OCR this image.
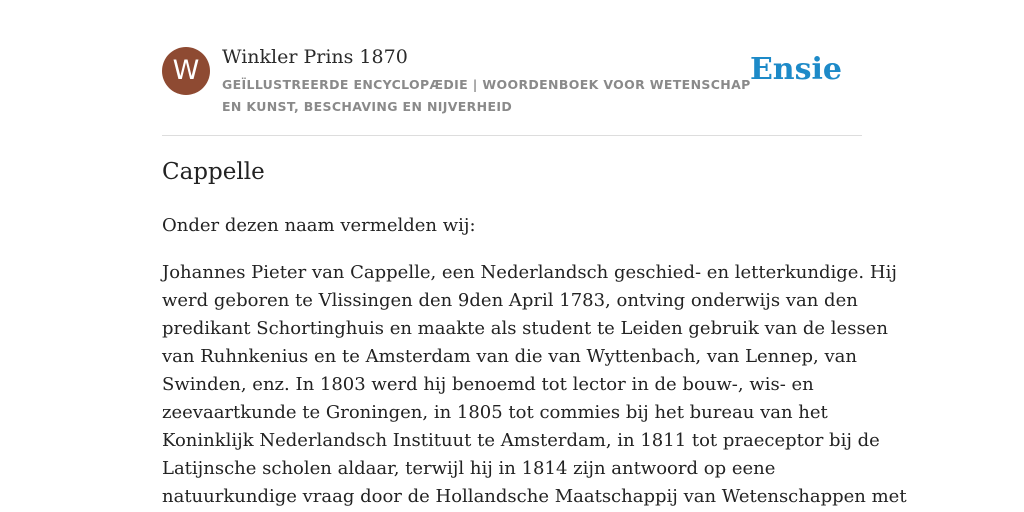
W	Winkler Prins 1870
GEÏLLUSTREERDE ENCYCLOPÆDIE | WOORDENBOEK VOOR WETENSCHAP EN KUNST, BESCHAVING EN NIJVERHEID
Ensie
Cappelle

Onder dezen naam vermelden wij:

Johannes Pieter van Cappelle, een Nederlandsch geschied- en letterkundige. Hij
werd geboren te Vlissingen den 9den April 1783, ontving onderwijs van den
predikant Schortinghuis en maakte als student te Leiden gebruik van de lessen
van Ruhnkenius en te Amsterdam van die van Wyttenbach, van Lennep, van
Swinden, enz. In 1803 werd hij benoemd tot lector in de bouw-, wis- en
zeevaartkunde te Groningen, in 1805 tot commies bij het bureau van het
Koninklijk Nederlandsch Instituut te Amsterdam, in 1811 tot praeceptor bij de
Latijnsche scholen aldaar, terwijl hij in 1814 zijn antwoord op eene
natuurkundige vraag door de Hollandsche Maatschappij van Wetenschappen met
